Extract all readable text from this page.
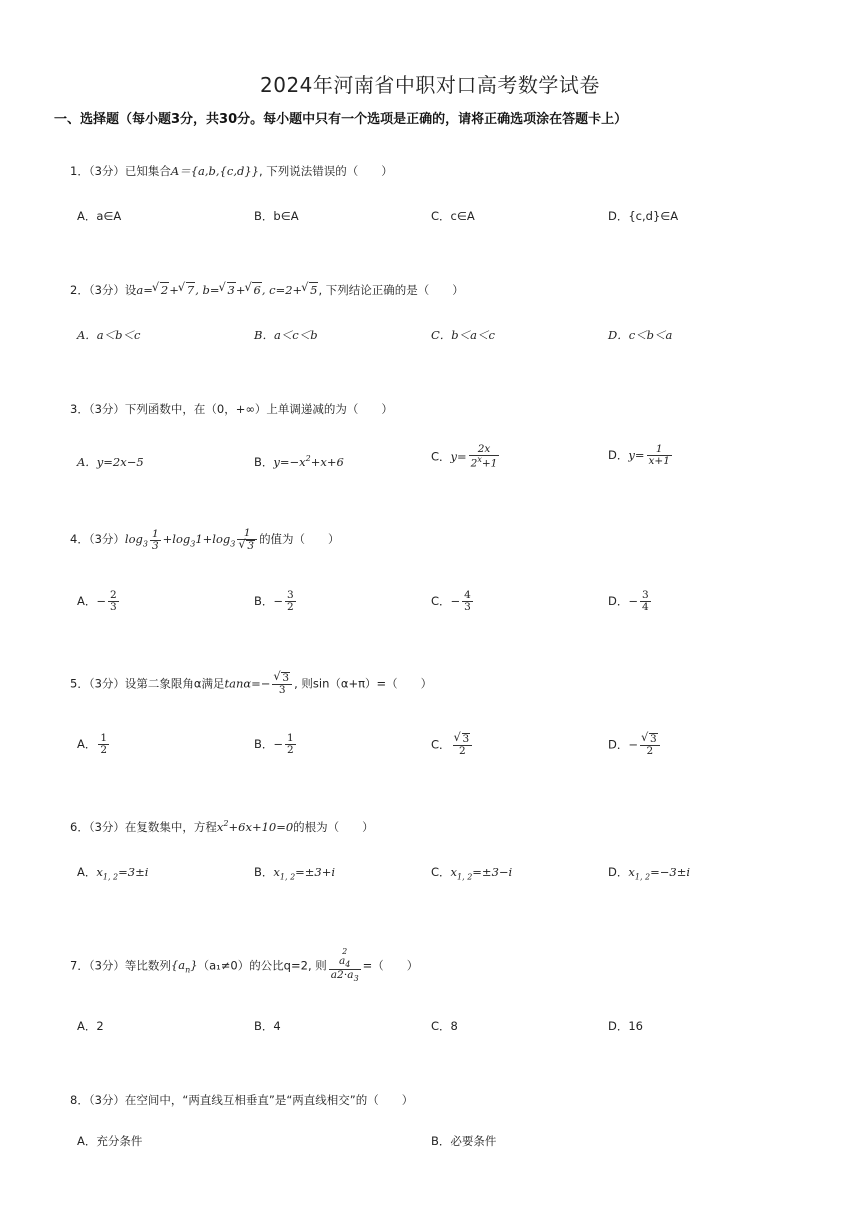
2024年河南省中职对口高考数学试卷
一、选择题（每小题3分，共30分。每小题中只有一个选项是正确的，请将正确选项涂在答题卡上）
1．（3分）已知集合A＝{a,b,{c,d}}, 下列说法错误的（　　）
A．a∈A	B．b∈A	C．c∈A	D．{c,d}∈A
2．（3分）设a= √ 2+ √ 7, b= √ 3+ √ 6, c=2+ √ 5, 下列结论正确的是（　　）
A．a＜b＜c	B．a＜c＜b	C．b＜a＜c	D．c＜b＜a
3．（3分）下列函数中，在（0，+∞）上单调递减的为（　　）
A．y=2x−5	B．$y=-x^2+x+6$	C．$y= \frac{2x}{2^x+1}$	D．$y= \frac{1}{x+1}$
4．（3分）$\log_3 \frac{1}{3} +\log_31+\log_3$ 1
√ 3 的值为（　　）
A．− $\frac{2}{3}$	B．− $\frac{3}{2}$	C．− $\frac{4}{3}$	D．− $\frac{3}{4}$
5．（3分）设第二象限角α满足tanα=− √ $\frac{3}{3}$ , 则sin（α+π）=（　　）
A． $\frac{1}{2}$	B．− $\frac{1}{2}$	C． √ $\frac{3}{2}$	D．− √ $\frac{3}{2}$
6．（3分）在复数集中，方程$x^2+6x+10=0$的根为（　　）
A．$x_{1, 2}=3\pm i$	B．$x_{1, 2}=\pm 3+i$	C．$x_{1, 2}=\pm 3-i$	D．$x_{1, 2}=-3\pm i$
7．（3分）等比数列$\{a_n\}(a_1\ne 0)$的公比q=2, 则 2
$a_4$
$a2\cdot a_3$ =（　　）
A．2	B．4	C．8	D．16
8．（3分）在空间中，“两直线互相垂直”是“两直线相交”的（　　）
A．充分条件	B．必要条件
